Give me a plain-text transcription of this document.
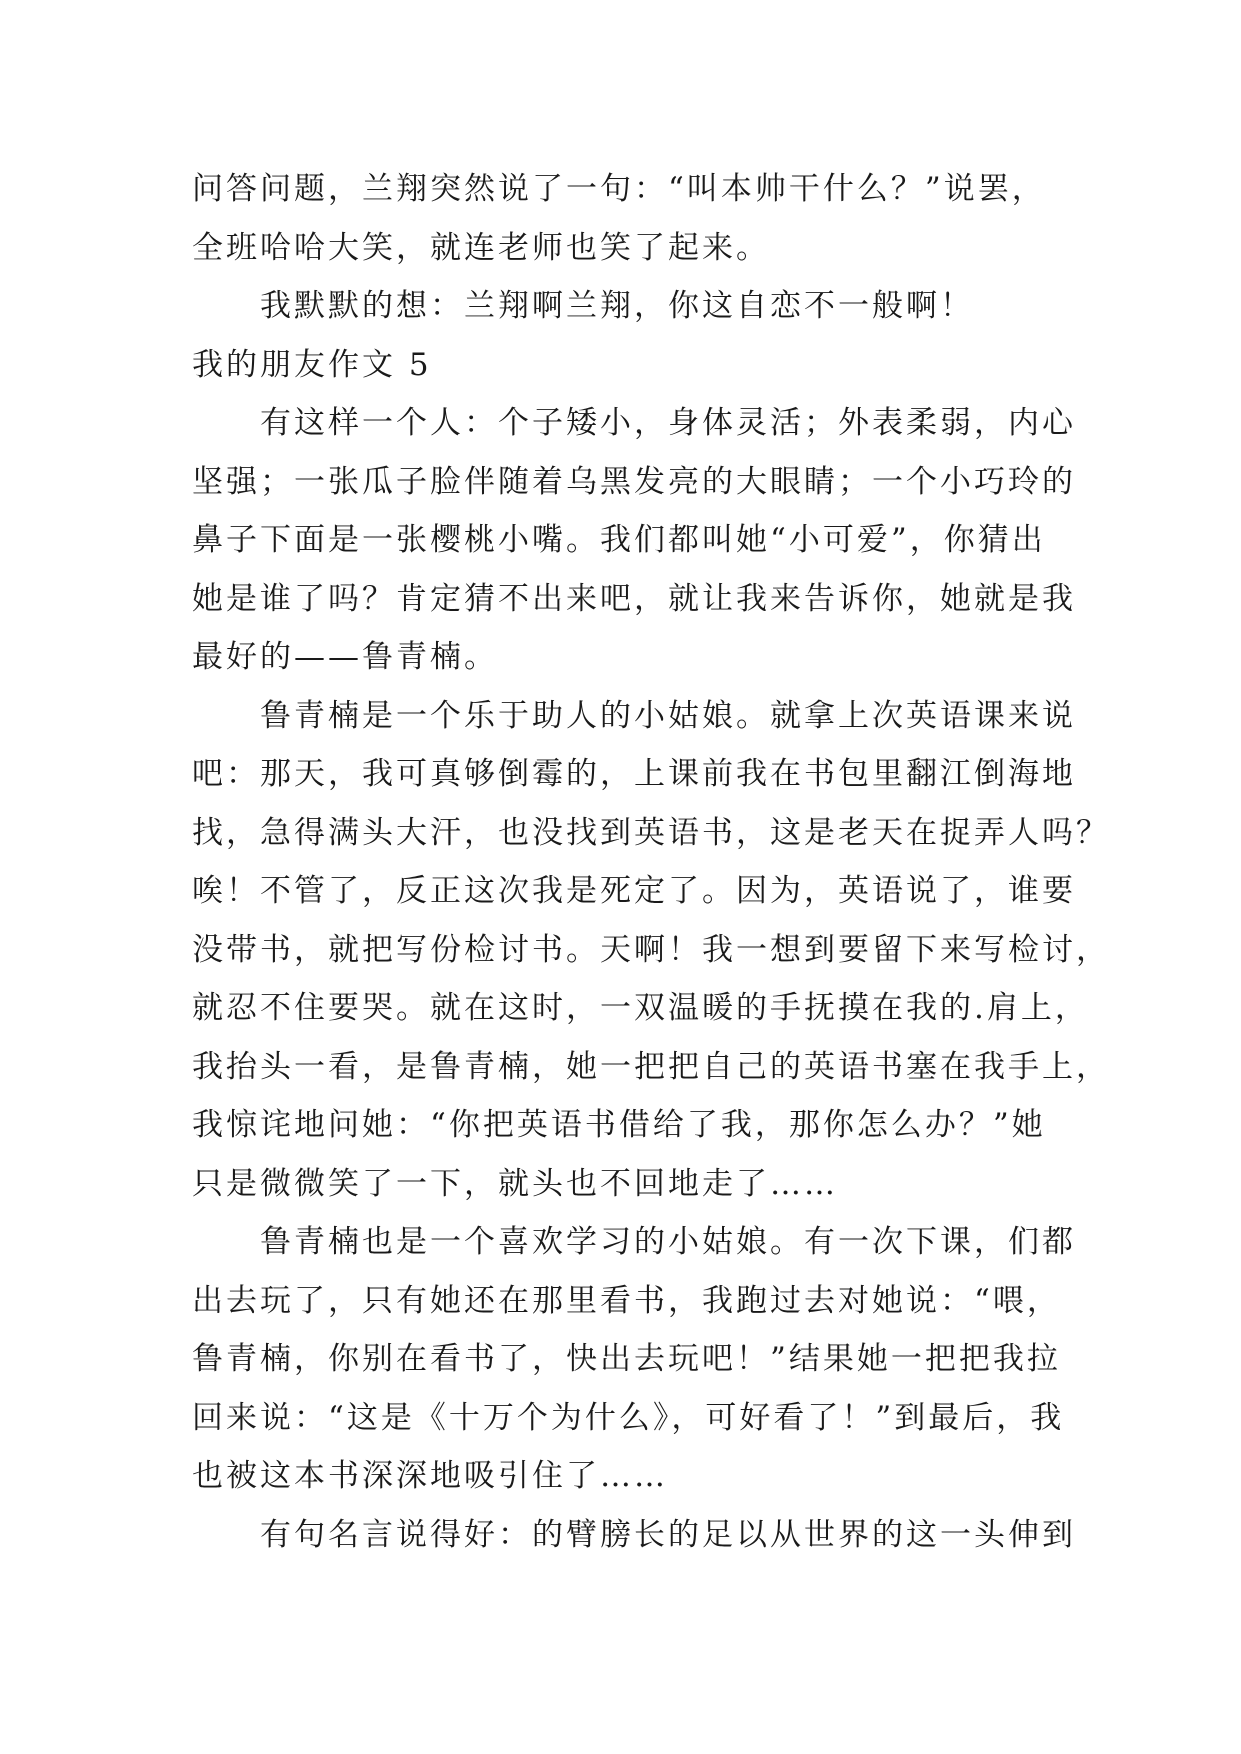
问答问题，兰翔突然说了一句：“叫本帅干什么？”说罢，
全班哈哈大笑，就连老师也笑了起来。
我默默的想：兰翔啊兰翔，你这自恋不一般啊！
我的朋友作文 5
有这样一个人：个子矮小，身体灵活；外表柔弱，内心
坚强；一张瓜子脸伴随着乌黑发亮的大眼睛；一个小巧玲的
鼻子下面是一张樱桃小嘴。我们都叫她“小可爱”，你猜出
她是谁了吗？肯定猜不出来吧，就让我来告诉你，她就是我
最好的——鲁青楠。
鲁青楠是一个乐于助人的小姑娘。就拿上次英语课来说
吧：那天，我可真够倒霉的，上课前我在书包里翻江倒海地
找，急得满头大汗，也没找到英语书，这是老天在捉弄人吗？
唉！不管了，反正这次我是死定了。因为，英语说了，谁要
没带书，就把写份检讨书。天啊！我一想到要留下来写检讨，
就忍不住要哭。就在这时，一双温暖的手抚摸在我的.肩上，
我抬头一看，是鲁青楠，她一把把自己的英语书塞在我手上，
我惊诧地问她：“你把英语书借给了我，那你怎么办？”她
只是微微笑了一下，就头也不回地走了……
鲁青楠也是一个喜欢学习的小姑娘。有一次下课，们都
出去玩了，只有她还在那里看书，我跑过去对她说：“喂，
鲁青楠，你别在看书了，快出去玩吧！”结果她一把把我拉
回来说：“这是《十万个为什么》，可好看了！”到最后，我
也被这本书深深地吸引住了……
有句名言说得好：的臂膀长的足以从世界的这一头伸到
